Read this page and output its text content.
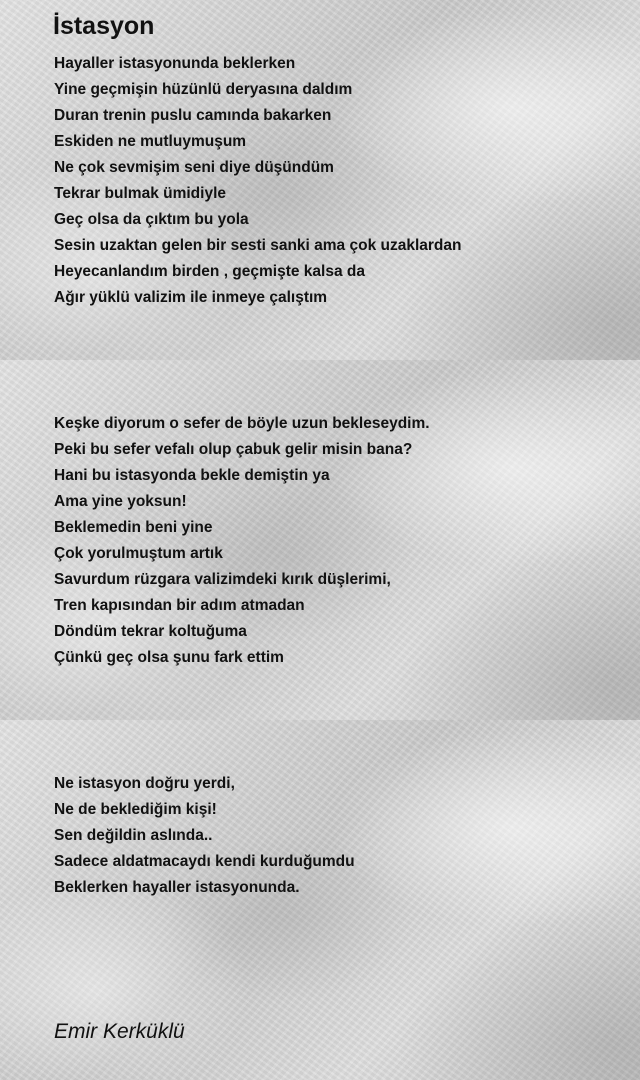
İstasyon
Hayaller istasyonunda beklerken
Yine geçmişin hüzünlü deryasına daldım
Duran trenin puslu camında bakarken
Eskiden ne mutluymuşum
Ne çok sevmişim seni diye düşündüm
Tekrar bulmak ümidiyle
Geç olsa da çıktım bu yola
Sesin uzaktan gelen bir sesti sanki ama çok uzaklardan
Heyecanlandım birden , geçmişte kalsa da
Ağır yüklü valizim ile inmeye çalıştım
Keşke diyorum o sefer de böyle uzun bekleseydim.
Peki bu sefer vefalı olup çabuk gelir misin bana?
Hani bu istasyonda bekle demiştin ya
Ama yine yoksun!
Beklemedin beni yine
Çok yorulmuştum artık
Savurdum rüzgara valizimdeki kırık düşlerimi,
Tren kapısından bir adım atmadan
Döndüm tekrar koltuğuma
Çünkü geç olsa şunu fark ettim
Ne istasyon doğru yerdi,
Ne de beklediğim kişi!
Sen değildin aslında..
Sadece aldatmacaydı kendi kurduğumdu
Beklerken hayaller istasyonunda.

Emir Kerküklü
